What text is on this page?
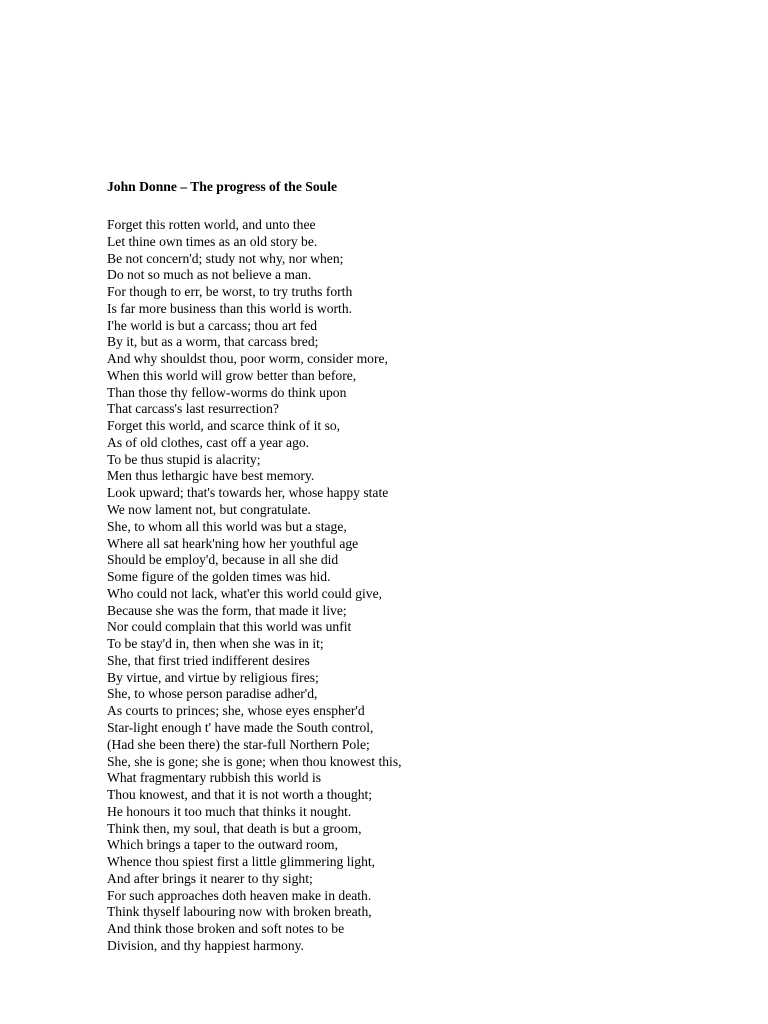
John Donne – The progress of the Soule
Forget this rotten world, and unto thee
Let thine own times as an old story be.
Be not concern'd; study not why, nor when;
Do not so much as not believe a man.
For though to err, be worst, to try truths forth
Is far more business than this world is worth.
I'he world is but a carcass; thou art fed
By it, but as a worm, that carcass bred;
And why shouldst thou, poor worm, consider more,
When this world will grow better than before,
Than those thy fellow-worms do think upon
That carcass's last resurrection?
Forget this world, and scarce think of it so,
As of old clothes, cast off a year ago.
To be thus stupid is alacrity;
Men thus lethargic have best memory.
Look upward; that's towards her, whose happy state
We now lament not, but congratulate.
She, to whom all this world was but a stage,
Where all sat heark'ning how her youthful age
Should be employ'd, because in all she did
Some figure of the golden times was hid.
Who could not lack, what'er this world could give,
Because she was the form, that made it live;
Nor could complain that this world was unfit
To be stay'd in, then when she was in it;
She, that first tried indifferent desires
By virtue, and virtue by religious fires;
She, to whose person paradise adher'd,
As courts to princes; she, whose eyes enspher'd
Star-light enough t' have made the South control,
(Had she been there) the star-full Northern Pole;
She, she is gone; she is gone; when thou knowest this,
What fragmentary rubbish this world is
Thou knowest, and that it is not worth a thought;
He honours it too much that thinks it nought.
Think then, my soul, that death is but a groom,
Which brings a taper to the outward room,
Whence thou spiest first a little glimmering light,
And after brings it nearer to thy sight;
For such approaches doth heaven make in death.
Think thyself labouring now with broken breath,
And think those broken and soft notes to be
Division, and thy happiest harmony.
